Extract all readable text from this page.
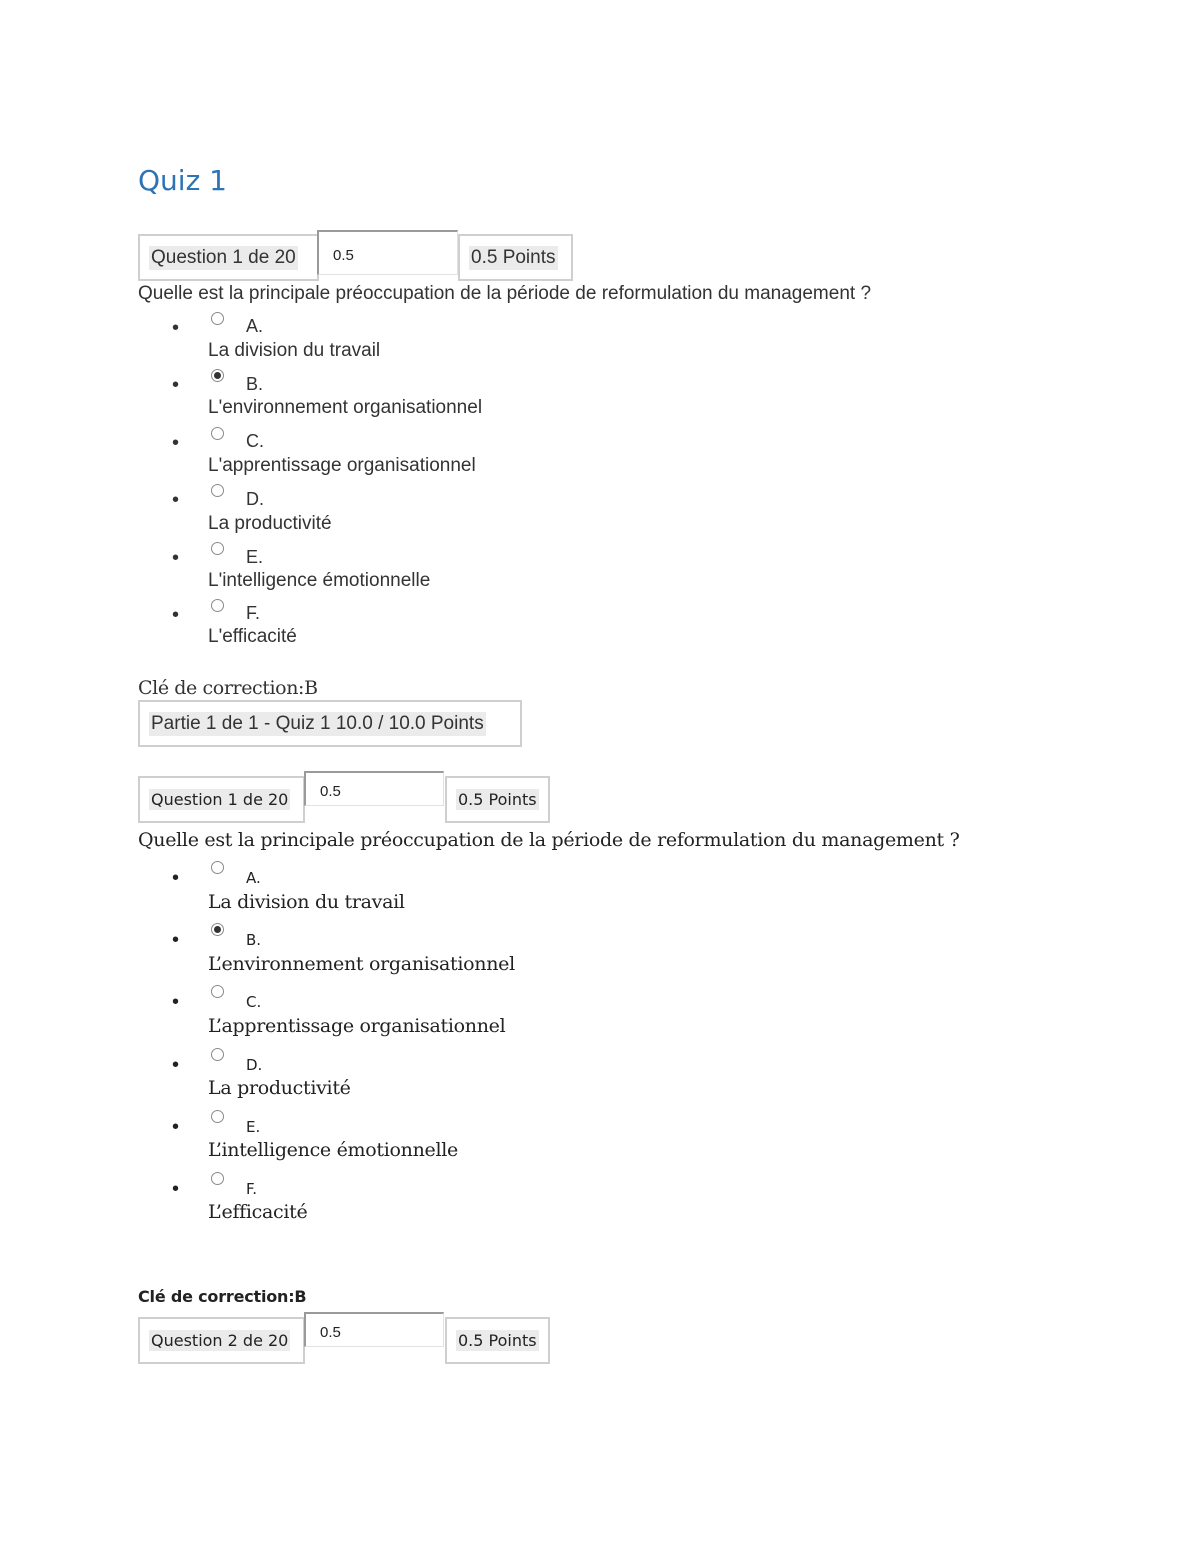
Quiz 1
Question 1 de 20
0.5	0.5 Points

Quelle est la principale préoccupation de la période de reformulation du management ?

•	A.
La division du travail
•	B.
L'environnement organisationnel
•	C.
L'apprentissage organisationnel
•	D.
La productivité
•	E.
L'intelligence émotionnelle
•	F.
L'efficacité
Clé de correction:B
Partie 1 de 1 - Quiz 1 10.0 / 10.0 Points
Question 1 de 20
0.5	0.5 Points

Quelle est la principale préoccupation de la période de reformulation du management ?

•	A.
La division du travail
•	B.
L’environnement organisationnel
•	C.
L’apprentissage organisationnel
•	D.
La productivité
•	E.
L’intelligence émotionnelle
•	F.
L’efficacité
Clé de correction:B
Question 2 de 20
0.5	0.5 Points
